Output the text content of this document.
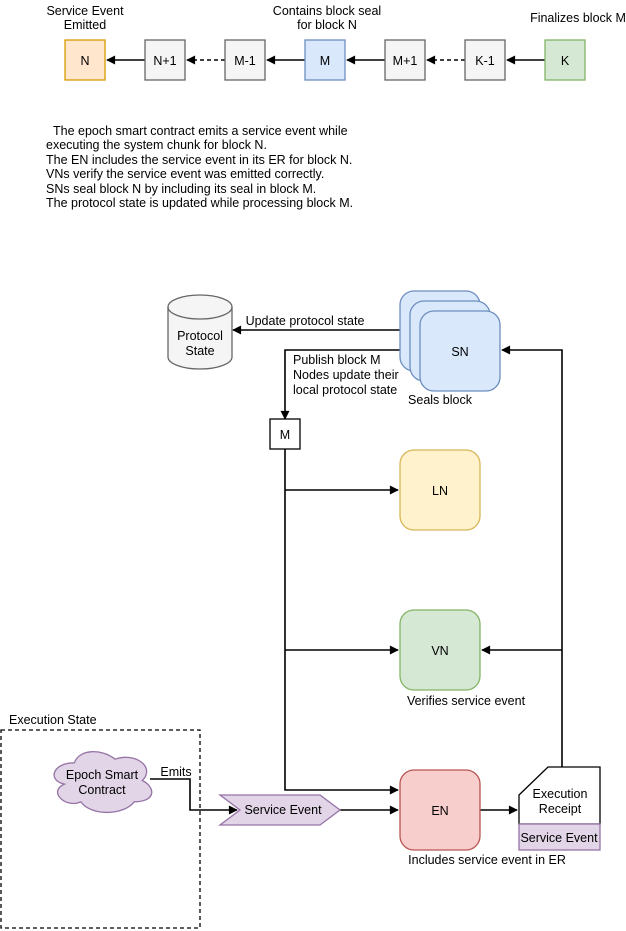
Service Event
Emitted
Contains block seal
for block N	Finalizes block M
N	N+1	M-1	M	M+1	K-1	K
The epoch smart contract emits a service event while
executing the system chunk for block N.
The EN includes the service event in its ER for block N.
VNs verify the service event was emitted correctly.
SNs seal block N by including its seal in block M.
The protocol state is updated while processing block M.
Protocol
State
Update protocol state
Publish block M
Nodes update their
local protocol state
SN
Seals block
M
LN
VN
Verifies service event
EN
Includes service event in ER
Execution
Receipt
Service Event
Execution State
Epoch Smart
Contract
Emits
Service Event
